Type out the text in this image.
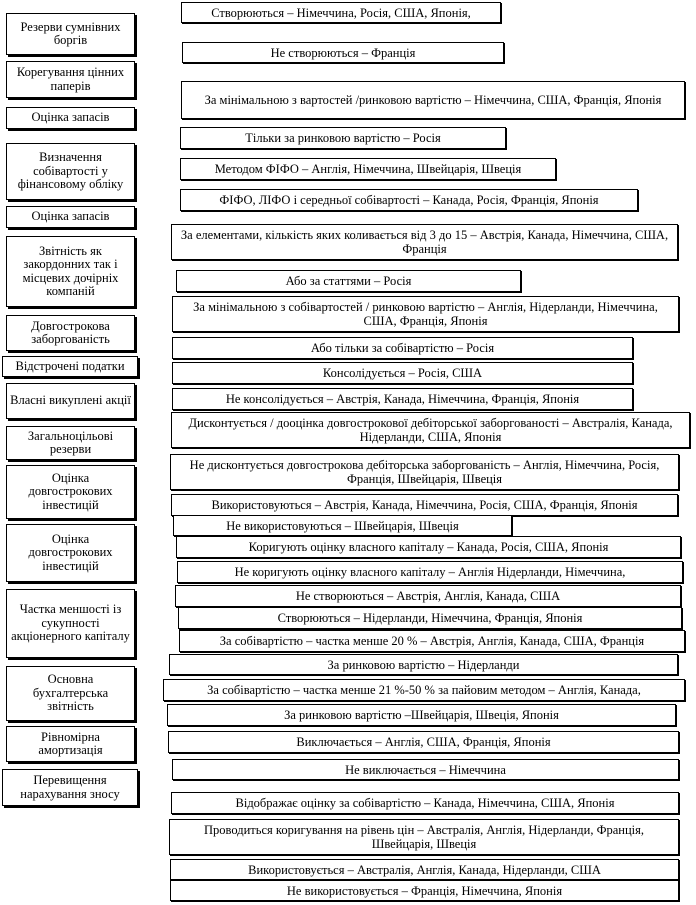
Резерви сумнівних боргів
Корегування цінних паперів
Оцінка запасів
Визначення собівартості у фінансовому обліку
Оцінка запасів
Звітність як закордонних так і місцевих дочірніх компаній
Довгострокова заборгованість
Відстрочені податки
Власні викуплені акції
Загальноцільові резерви
Оцінка довгострокових інвестицій
Оцінка довгострокових інвестицій
Частка меншості із сукупності акціонерного капіталу
Основна бухгалтерська звітність
Рівномірна амортизація
Перевищення нарахування зносу
Створюються – Німеччина, Росія, США, Японія,
Не створюються – Франція
За мінімальною з вартостей /ринковою вартістю – Німеччина, США, Франція, Японія
Тільки за ринковою вартістю – Росія
Методом ФІФО – Англія, Німеччина, Швейцарія, Швеція
ФІФО, ЛІФО і середньої собівартості – Канада, Росія, Франція, Японія
За елементами, кількість яких коливається від 3 до 15 – Австрія, Канада, Німеччина, США, Франція
Або за статтями – Росія
За мінімальною з собівартостей / ринковою вартістю – Англія, Нідерланди, Німеччина, США, Франція, Японія
Або тільки за собівартістю – Росія
Консолідується – Росія, США
Не консолідується – Австрія, Канада, Німеччина, Франція, Японія
Дисконтується / дооцінка довгострокової дебіторської заборгованості – Австралія, Канада, Нідерланди, США, Японія
Не дисконтується довгострокова дебіторська заборгованість – Англія, Німеччина, Росія, Франція, Швейцарія, Швеція
Використовуються – Австрія, Канада, Німеччина, Росія, США, Франція, Японія
Не використовуються – Швейцарія, Швеція
Коригують оцінку власного капіталу – Канада, Росія, США, Японія
Не коригують оцінку власного капіталу – Англія Нідерланди, Німеччина,
Не створюються – Австрія, Англія, Канада, США
Створюються – Нідерланди, Німеччина, Франція, Японія
За собівартістю – частка менше 20 % – Австрія, Англія, Канада, США, Франція
За ринковою вартістю – Нідерланди
За собівартістю – частка менше 21 %-50 % за пайовим методом – Англія, Канада,
За ринковою вартістю –Швейцарія, Швеція, Японія
Виключається – Англія, США, Франція, Японія
Не виключається – Німеччина
Відображає оцінку за собівартістю – Канада, Німеччина, США, Японія
Проводиться коригування на рівень цін – Австралія, Англія, Нідерланди, Франція, Швейцарія, Швеція
Використовується – Австралія, Англія, Канада, Нідерланди, США
Не використовується – Франція, Німеччина, Японія
